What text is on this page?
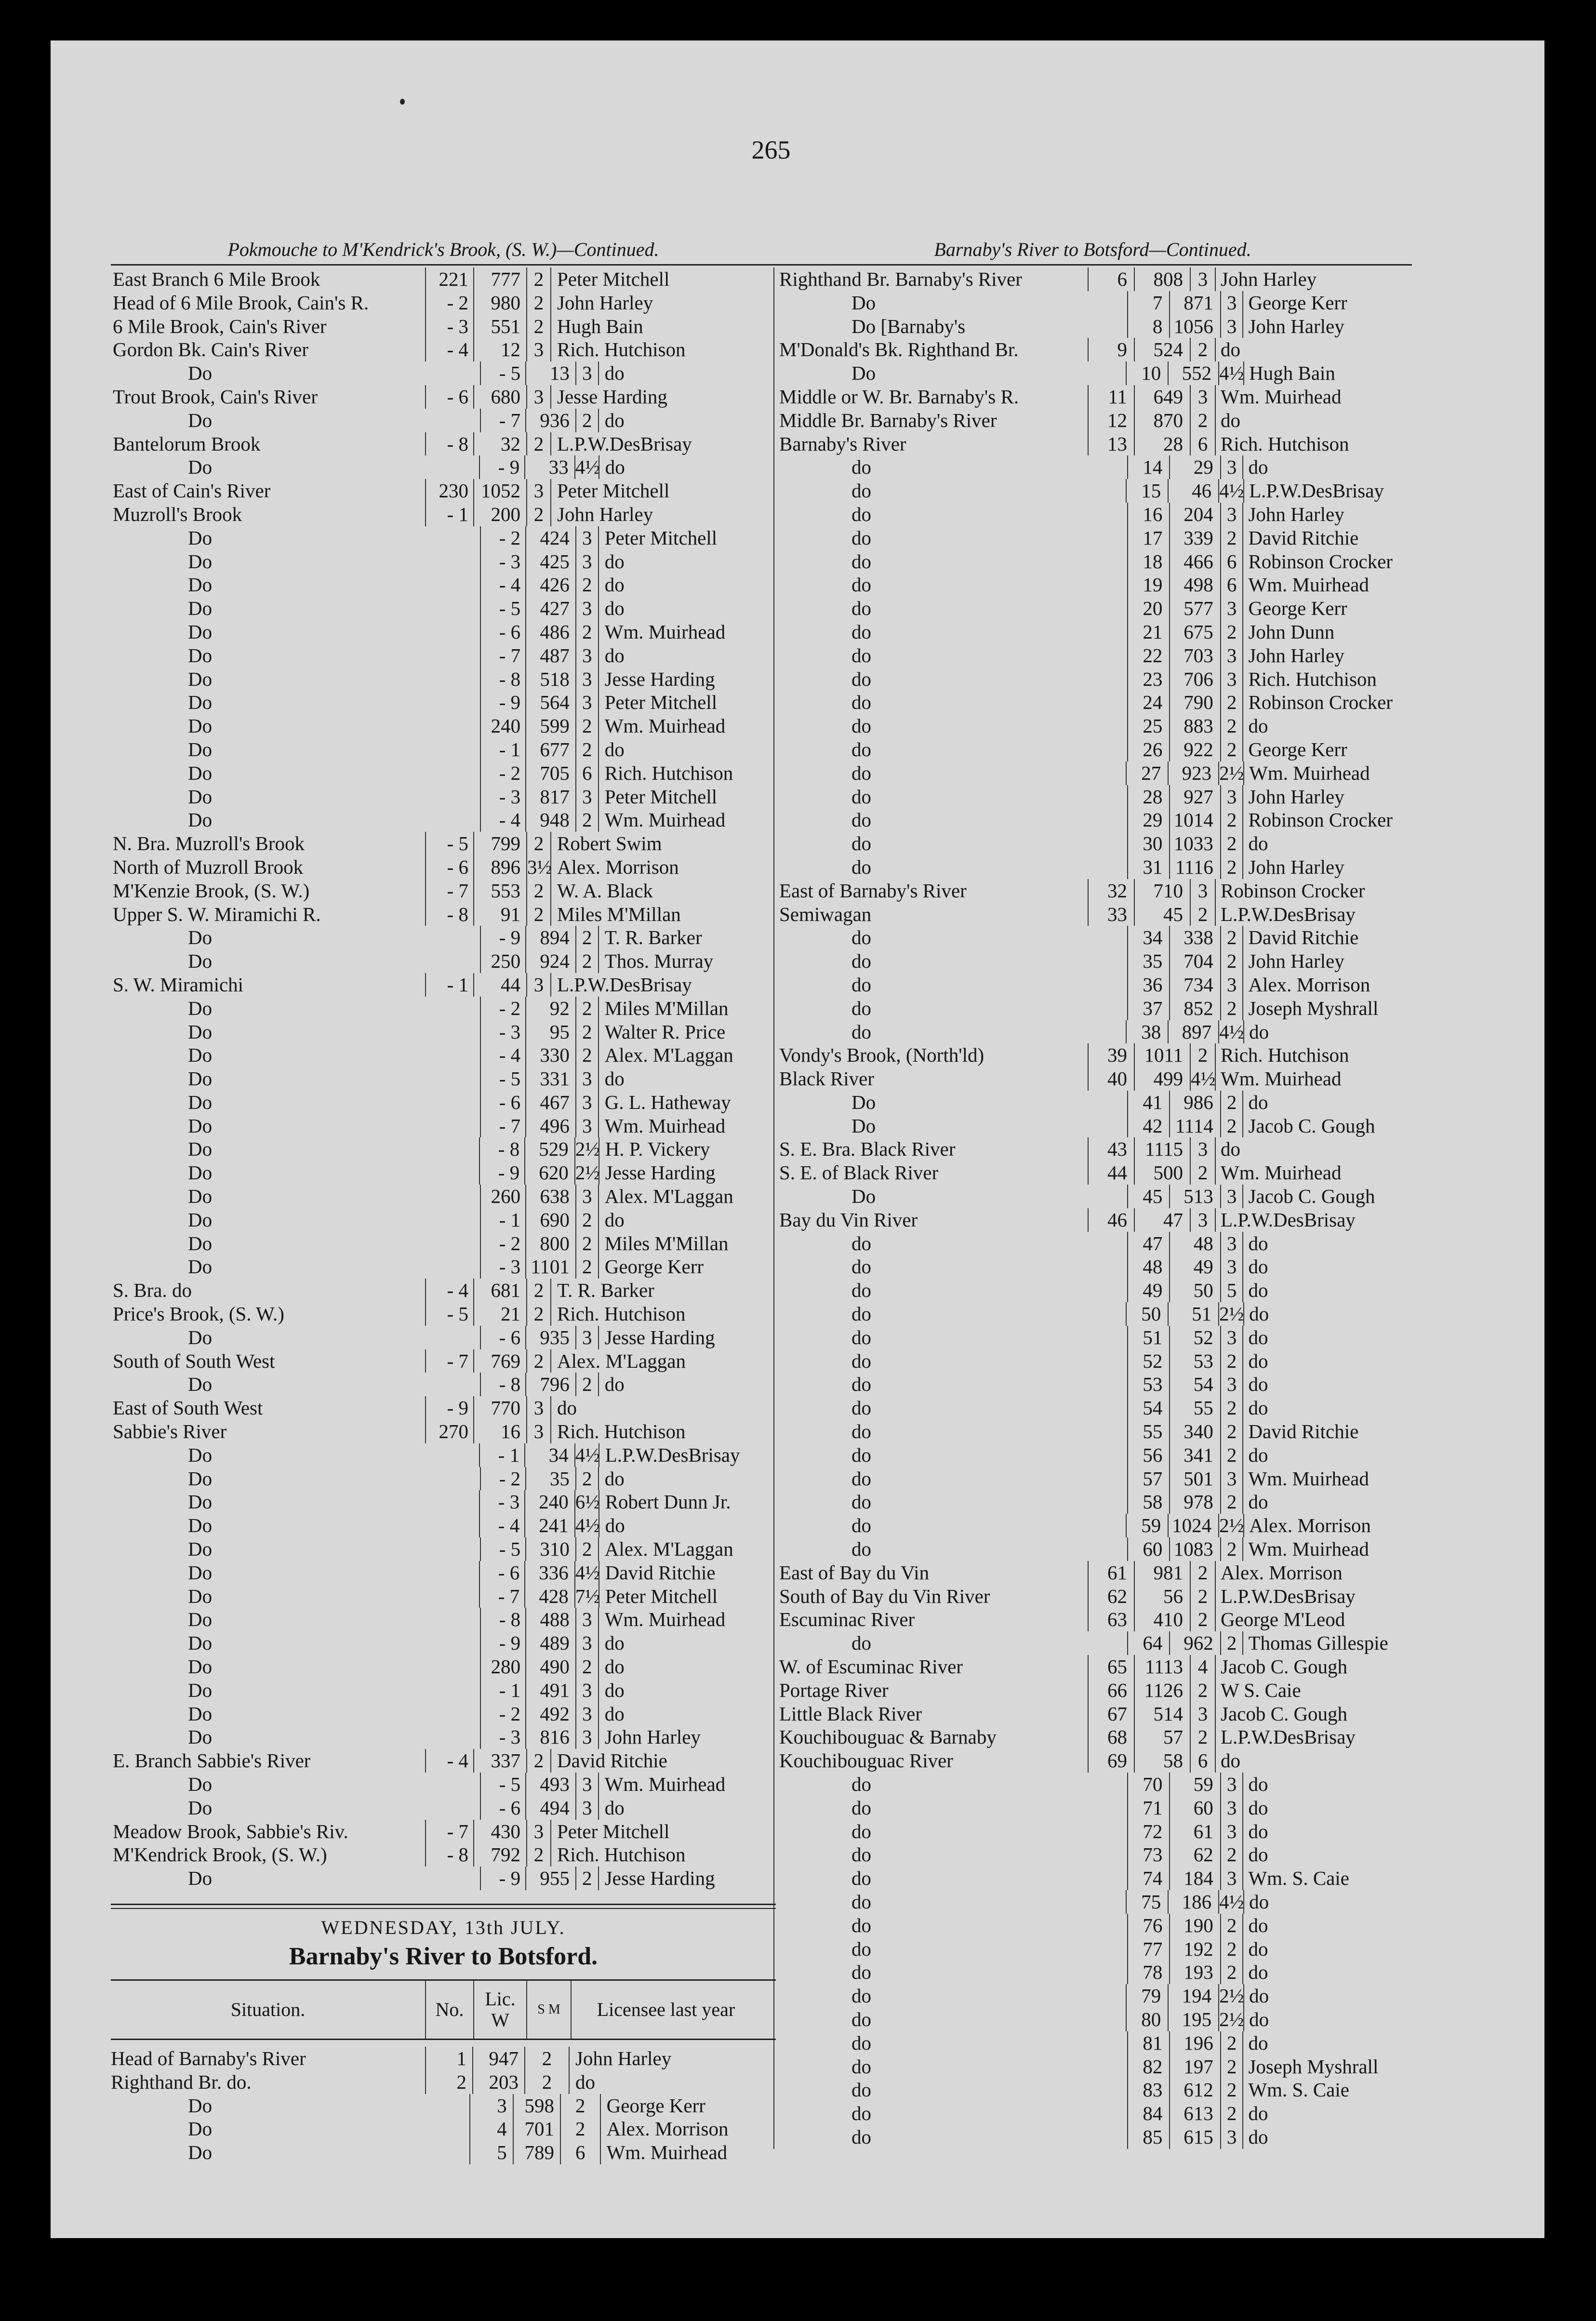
265
Pokmouche to M'Kendrick's Brook, (S. W.)—Continued.
East Branch 6 Mile Brook	221	777 2 Peter Mitchell
Head of 6 Mile Brook, Cain's R.	- 2	980 2 John Harley
6 Mile Brook, Cain's River	- 3	551 2 Hugh Bain
Gordon Bk. Cain's River	- 4	12 3 Rich. Hutchison
Do	- 5	13 3 do
Trout Brook, Cain's River	- 6	680 3 Jesse Harding
Do	- 7 936 2 do
Bantelorum Brook	- 8	32 2 L.P.W.DesBrisay
Do	- 9	33 4½ do
East of Cain's River	230 1052 3 Peter Mitchell
Muzroll's Brook	- 1	200 2 John Harley
Do	- 2 424 3 Peter Mitchell
Do	- 3 425 3 do
Do	- 4 426 2 do
Do	- 5 427 3 do
Do	- 6 486 2 Wm. Muirhead
Do	- 7 487 3 do
Do	- 8 518 3 Jesse Harding
Do	- 9 564 3 Peter Mitchell
Do	240 599 2 Wm. Muirhead
Do	- 1 677 2 do
Do	- 2 705 6 Rich. Hutchison
Do	- 3 817 3 Peter Mitchell
Do	- 4 948 2 Wm. Muirhead
N. Bra. Muzroll's Brook	- 5	799 2 Robert Swim
North of Muzroll Brook	- 6	896 3½ Alex. Morrison
M'Kenzie Brook, (S. W.)	- 7	553 2 W. A. Black
Upper S. W. Miramichi R.	- 8	91 2 Miles M'Millan
Do	- 9 894 2 T. R. Barker
Do	250 924 2 Thos. Murray
S. W. Miramichi	- 1	44 3 L.P.W.DesBrisay
Do	- 2	92 2 Miles M'Millan
Do	- 3	95 2 Walter R. Price
Do	- 4 330 2 Alex. M'Laggan
Do	- 5 331 3 do
Do	- 6 467 3 G. L. Hatheway
Do	- 7 496 3 Wm. Muirhead
Do	- 8 529 2½ H. P. Vickery
Do	- 9 620 2½ Jesse Harding
Do	260 638 3 Alex. M'Laggan
Do	- 1 690 2 do
Do	- 2 800 2 Miles M'Millan
Do	- 3 1101 2 George Kerr
S. Bra. do	- 4	681 2 T. R. Barker
Price's Brook, (S. W.)	- 5	21 2 Rich. Hutchison
Do	- 6 935 3 Jesse Harding
South of South West	- 7	769 2 Alex. M'Laggan
Do	- 8 796 2 do
East of South West	- 9	770 3 do
Sabbie's River	270	16 3 Rich. Hutchison
Do	- 1	34 4½ L.P.W.DesBrisay
Do	- 2	35 2 do
Do	- 3 240 6½ Robert Dunn Jr.
Do	- 4 241 4½ do
Do	- 5 310 2 Alex. M'Laggan
Do	- 6 336 4½ David Ritchie
Do	- 7 428 7½ Peter Mitchell
Do	- 8 488 3 Wm. Muirhead
Do	- 9 489 3 do
Do	280 490 2 do
Do	- 1 491 3 do
Do	- 2 492 3 do
Do	- 3 816 3 John Harley
E. Branch Sabbie's River	- 4	337 2 David Ritchie
Do	- 5 493 3 Wm. Muirhead
Do	- 6 494 3 do
Meadow Brook, Sabbie's Riv.	- 7	430 3 Peter Mitchell
M'Kendrick Brook, (S. W.)	- 8	792 2 Rich. Hutchison
Do	- 9 955 2 Jesse Harding
Barnaby's River to Botsford—Continued.
Righthand Br. Barnaby's River	6	808 3 John Harley
Do	7	871 3 George Kerr
Do [Barnaby's	8 1056 3 John Harley
M'Donald's Bk. Righthand Br.	9	524 2 do
Do	10	552 4½ Hugh Bain
Middle or W. Br. Barnaby's R.	11	649 3 Wm. Muirhead
Middle Br. Barnaby's River	12	870 2 do
Barnaby's River	13	28 6 Rich. Hutchison
do	14	29 3 do
do	15	46 4½ L.P.W.DesBrisay
do	16	204 3 John Harley
do	17	339 2 David Ritchie
do	18	466 6 Robinson Crocker
do	19	498 6 Wm. Muirhead
do	20	577 3 George Kerr
do	21	675 2 John Dunn
do	22	703 3 John Harley
do	23	706 3 Rich. Hutchison
do	24	790 2 Robinson Crocker
do	25	883 2 do
do	26	922 2 George Kerr
do	27	923 2½ Wm. Muirhead
do	28	927 3 John Harley
do	29 1014 2 Robinson Crocker
do	30 1033 2 do
do	31 1116 2 John Harley
East of Barnaby's River	32	710 3 Robinson Crocker
Semiwagan	33	45 2 L.P.W.DesBrisay
do	34	338 2 David Ritchie
do	35	704 2 John Harley
do	36	734 3 Alex. Morrison
do	37	852 2 Joseph Myshrall
do	38	897 4½ do
Vondy's Brook, (North'ld)	39 1011 2 Rich. Hutchison
Black River	40	499 4½ Wm. Muirhead
Do	41	986 2 do
Do	42 1114 2 Jacob C. Gough
S. E. Bra. Black River	43 1115 3 do
S. E. of Black River	44	500 2 Wm. Muirhead
Do	45	513 3 Jacob C. Gough
Bay du Vin River	46	47 3 L.P.W.DesBrisay
do	47	48 3 do
do	48	49 3 do
do	49	50 5 do
do	50	51 2½ do
do	51	52 3 do
do	52	53 2 do
do	53	54 3 do
do	54	55 2 do
do	55	340 2 David Ritchie
do	56	341 2 do
do	57	501 3 Wm. Muirhead
do	58	978 2 do
do	59 1024 2½ Alex. Morrison
do	60 1083 2 Wm. Muirhead
East of Bay du Vin	61	981 2 Alex. Morrison
South of Bay du Vin River	62	56 2 L.P.W.DesBrisay
Escuminac River	63	410 2 George M'Leod
do	64	962 2 Thomas Gillespie
W. of Escuminac River	65 1113 4 Jacob C. Gough
Portage River	66 1126 2 W S. Caie
Little Black River	67	514 3 Jacob C. Gough
Kouchibouguac & Barnaby	68	57 2 L.P.W.DesBrisay
Kouchibouguac River	69	58 6 do
do	70	59 3 do
do	71	60 3 do
do	72	61 3 do
do	73	62 2 do
do	74	184 3 Wm. S. Caie
do	75	186 4½ do
do	76	190 2 do
do	77	192 2 do
do	78	193 2 do
do	79	194 2½ do
do	80	195 2½ do
do	81	196 2 do
do	82	197 2 Joseph Myshrall
do	83	612 2 Wm. S. Caie
do	84	613 2 do
do	85	615 3 do
WEDNESDAY, 13th JULY.
Barnaby's River to Botsford.
Situation.	No.	Lic. W	S M	Licensee last year
Head of Barnaby's River	1	947	2	John Harley
Righthand Br. do.	2	203	2	do
Do	3 598	2	George Kerr
Do	4 701	2	Alex. Morrison
Do	5 789	6	Wm. Muirhead
